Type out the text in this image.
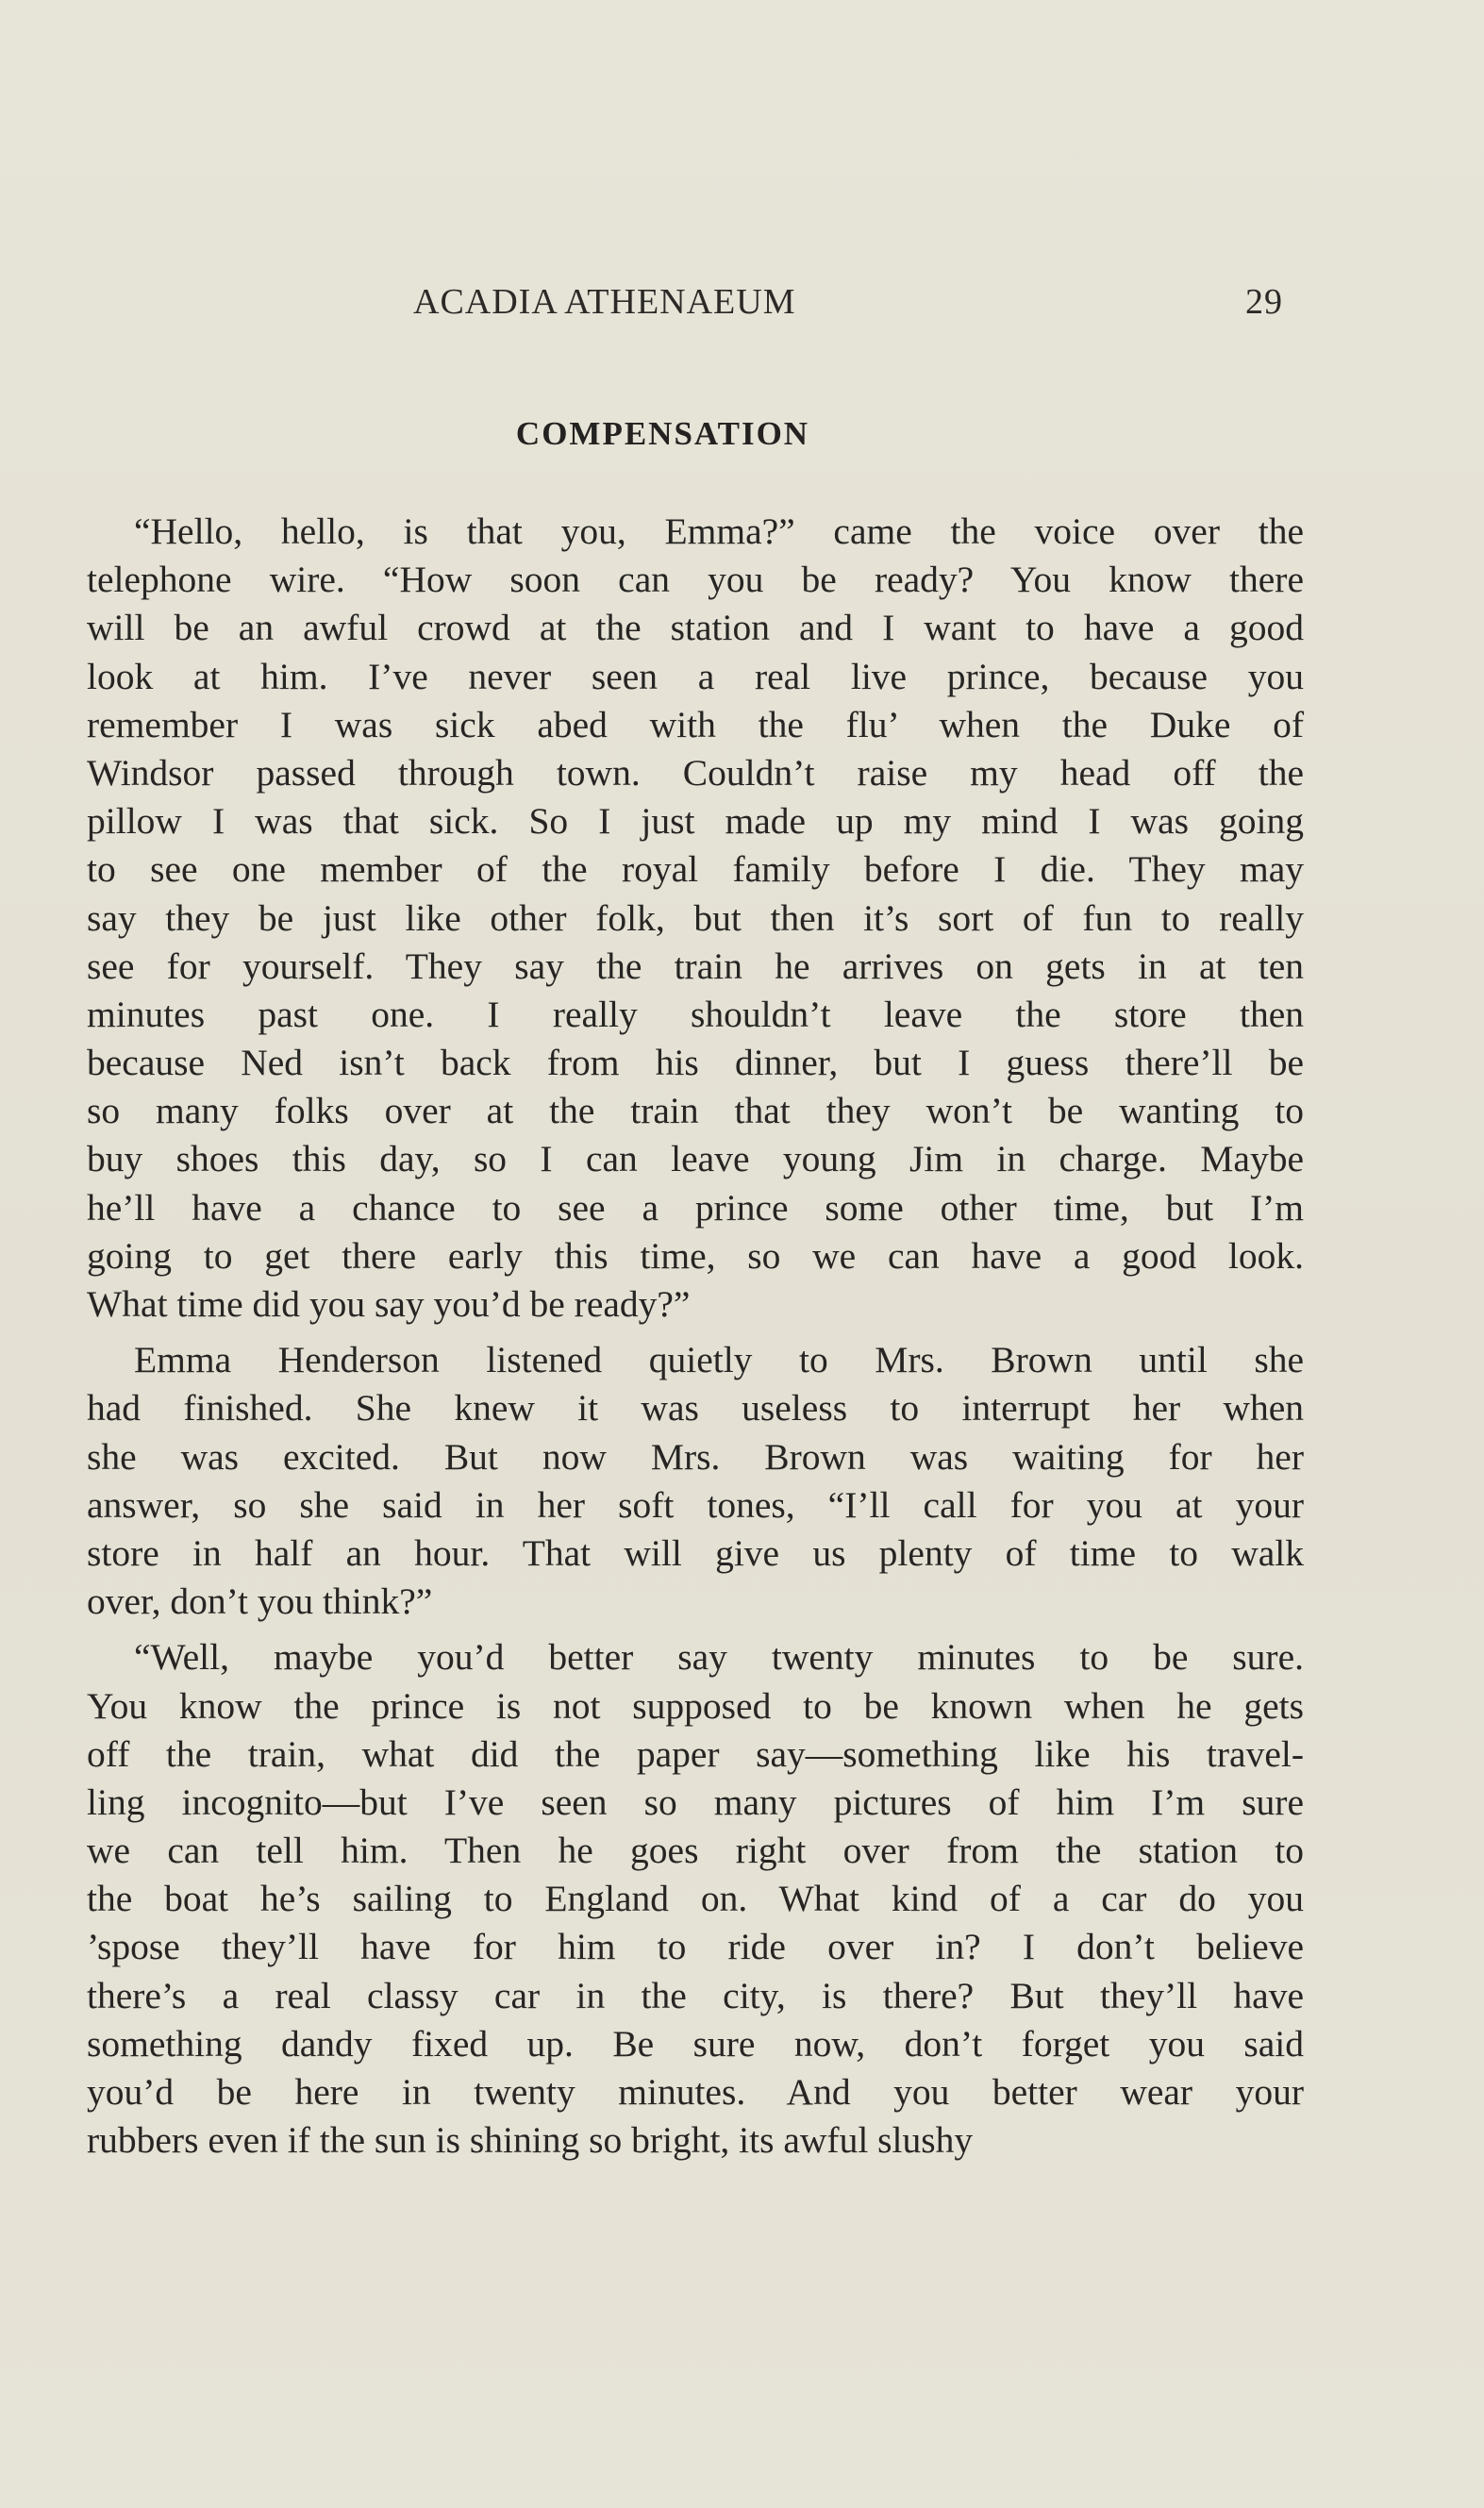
ACADIA ATHENAEUM	29
COMPENSATION
“Hello, hello, is that you, Emma?” came the voice over the
telephone wire. “How soon can you be ready? You know there
will be an awful crowd at the station and I want to have a good
look at him. I’ve never seen a real live prince, because you
remember I was sick abed with the flu’ when the Duke of
Windsor passed through town. Couldn’t raise my head off the
pillow I was that sick. So I just made up my mind I was going
to see one member of the royal family before I die. They may
say they be just like other folk, but then it’s sort of fun to really
see for yourself. They say the train he arrives on gets in at ten
minutes past one. I really shouldn’t leave the store then
because Ned isn’t back from his dinner, but I guess there’ll be
so many folks over at the train that they won’t be wanting to
buy shoes this day, so I can leave young Jim in charge. Maybe
he’ll have a chance to see a prince some other time, but I’m
going to get there early this time, so we can have a good look.
What time did you say you’d be ready?”
Emma Henderson listened quietly to Mrs. Brown until she
had finished. She knew it was useless to interrupt her when
she was excited. But now Mrs. Brown was waiting for her
answer, so she said in her soft tones, “I’ll call for you at your
store in half an hour. That will give us plenty of time to walk
over, don’t you think?”
“Well, maybe you’d better say twenty minutes to be sure.
You know the prince is not supposed to be known when he gets
off the train, what did the paper say—something like his travel-
ling incognito—but I’ve seen so many pictures of him I’m sure
we can tell him. Then he goes right over from the station to
the boat he’s sailing to England on. What kind of a car do you
’spose they’ll have for him to ride over in? I don’t believe
there’s a real classy car in the city, is there? But they’ll have
something dandy fixed up. Be sure now, don’t forget you said
you’d be here in twenty minutes. And you better wear your
rubbers even if the sun is shining so bright, its awful slushy
